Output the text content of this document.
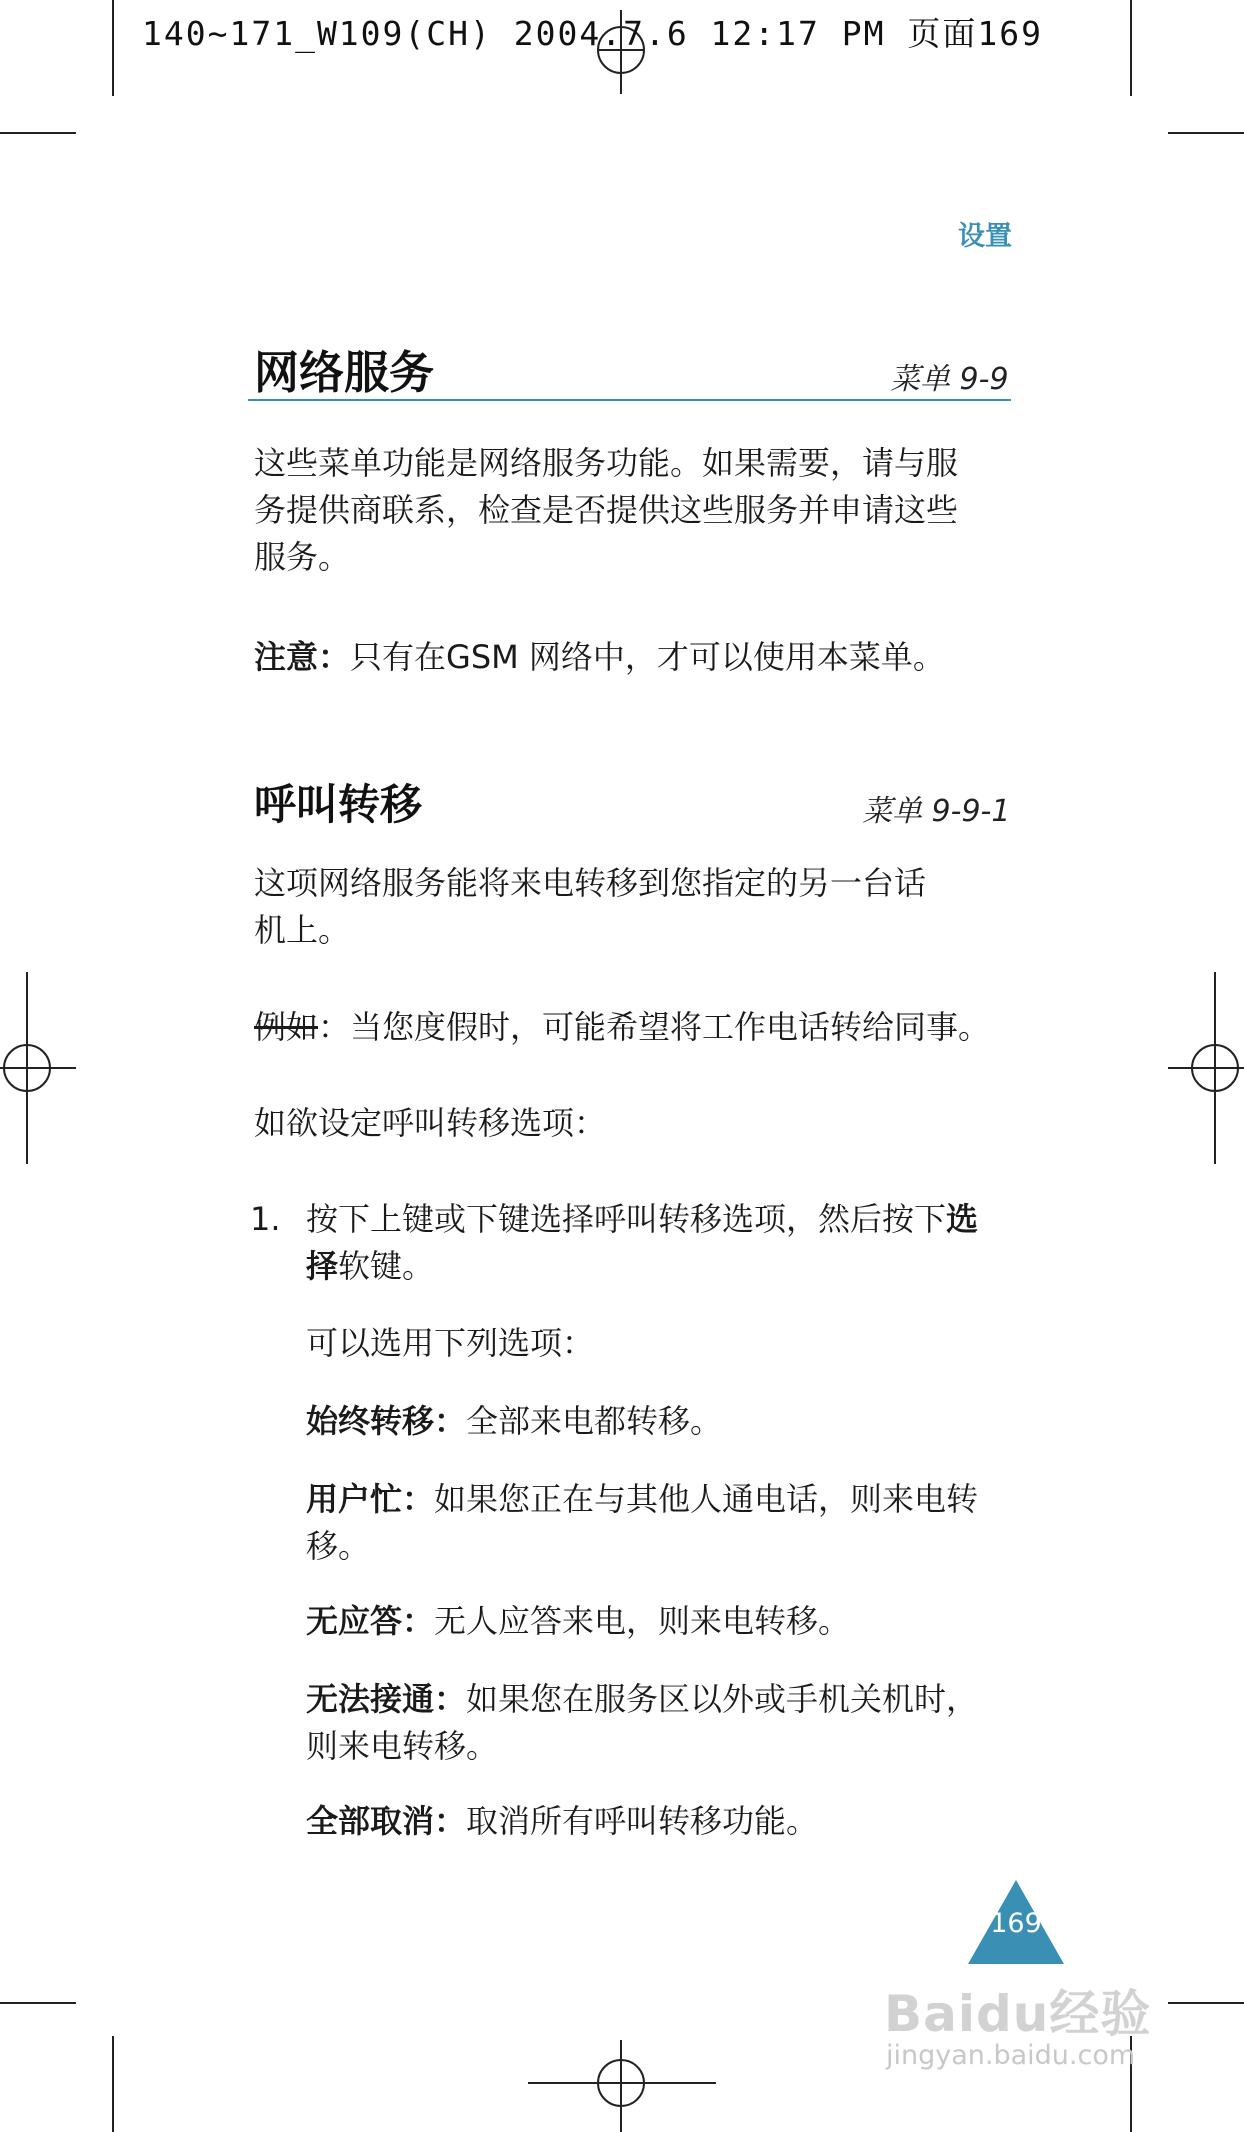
140~171_W109(CH) 2004.7.6 12:17 PM 页面169
设置
网络服务	菜单 9-9
这些菜单功能是网络服务功能。如果需要，请与服
务提供商联系，检查是否提供这些服务并申请这些
服务。
注意：只有在GSM 网络中，才可以使用本菜单。
呼叫转移	菜单 9-9-1
这项网络服务能将来电转移到您指定的另一台话
机上。
例如：当您度假时，可能希望将工作电话转给同事。
如欲设定呼叫转移选项：
1. 按下上键或下键选择呼叫转移选项，然后按下选
择软键。
可以选用下列选项：
始终转移：全部来电都转移。
用户忙：如果您正在与其他人通电话，则来电转
移。
无应答：无人应答来电，则来电转移。
无法接通：如果您在服务区以外或手机关机时，
则来电转移。
全部取消：取消所有呼叫转移功能。
169
Baidu经验
jingyan.baidu.com
